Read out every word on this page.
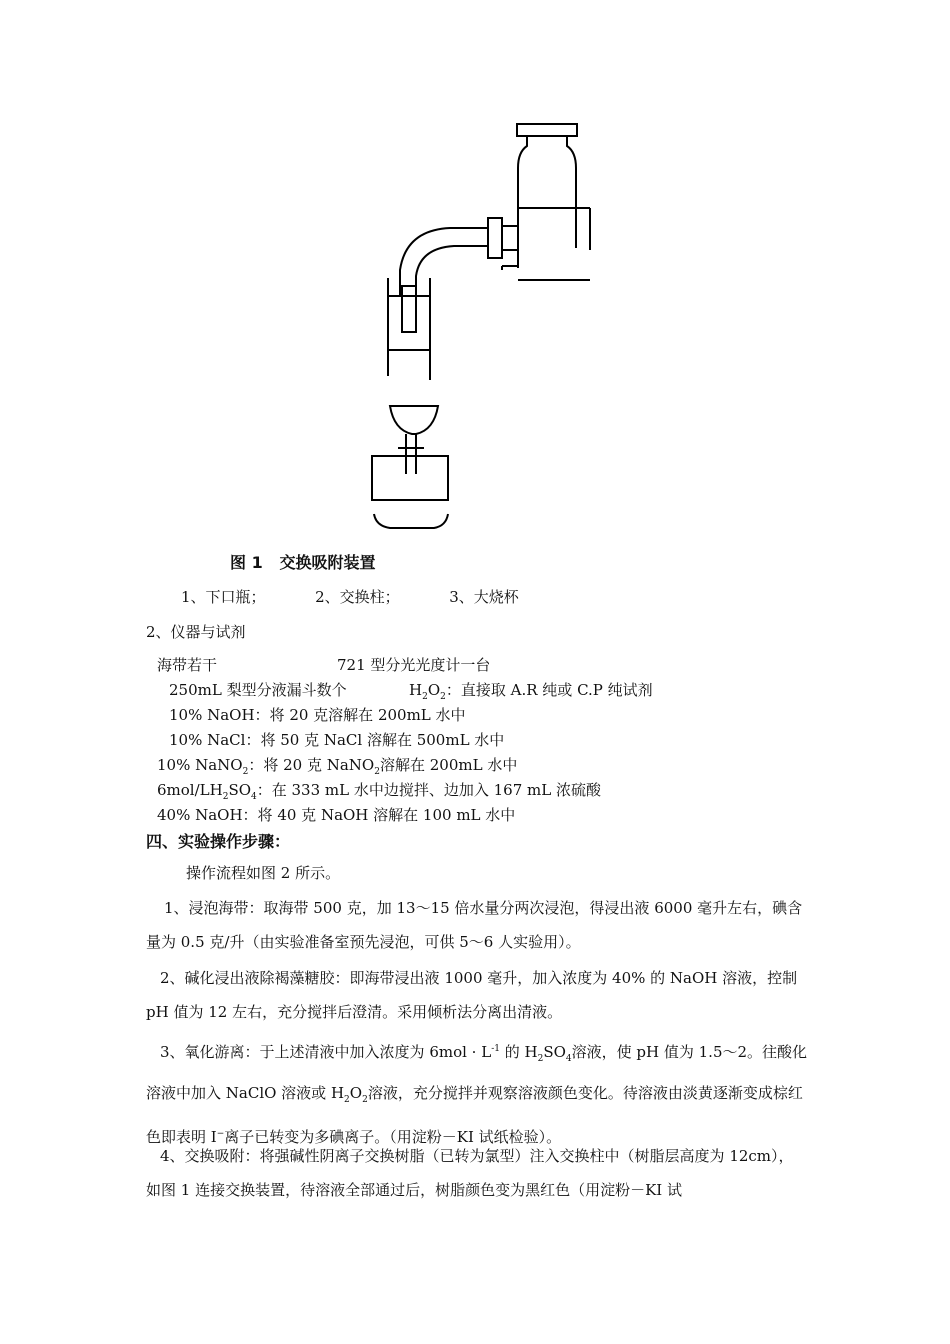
图 1 交换吸附装置
1、下口瓶；	2、交换柱；	3、大烧杯
2、仪器与试剂
海带若干	721 型分光光度计一台
250mL 梨型分液漏斗数个	$H_2O_2$：直接取 A.R 纯或 C.P 纯试剂
10% NaOH：将 20 克溶解在 200mL 水中
10% NaCl：将 50 克 NaCl 溶解在 500mL 水中
10% NaNO$_2$：将 20 克 NaNO$_2$溶解在 200mL 水中
$6mol/LH_2SO_4$：在 333 mL 水中边搅拌、边加入 167 mL 浓硫酸
40% NaOH：将 40 克 NaOH 溶解在 100 mL 水中
四、实验操作步骤：
操作流程如图 2 所示。
1、浸泡海带：取海带 500 克，加 13～15 倍水量分两次浸泡，得浸出液 6000 毫升左右，碘含量为 0.5 克/升（由实验准备室预先浸泡，可供 5～6 人实验用）。
2、碱化浸出液除褐藻糖胶：即海带浸出液 1000 毫升，加入浓度为 40% 的 NaOH 溶液，控制 pH 值为 12 左右，充分搅拌后澄清。采用倾析法分离出清液。
3、氧化游离：于上述清液中加入浓度为 $6mol \cdot L^{-1}$ 的 $H_2SO_4$溶液，使 pH 值为 1.5～2。往酸化溶液中加入 NaClO 溶液或 $H_2O_2$溶液，充分搅拌并观察溶液颜色变化。待溶液由淡黄逐渐变成棕红色即表明 I−离子已转变为多碘离子。（用淀粉－KI 试纸检验）。
4、交换吸附：将强碱性阴离子交换树脂（已转为氯型）注入交换柱中（树脂层高度为 12cm），如图 1 连接交换装置，待溶液全部通过后，树脂颜色变为黑红色（用淀粉－KI 试
